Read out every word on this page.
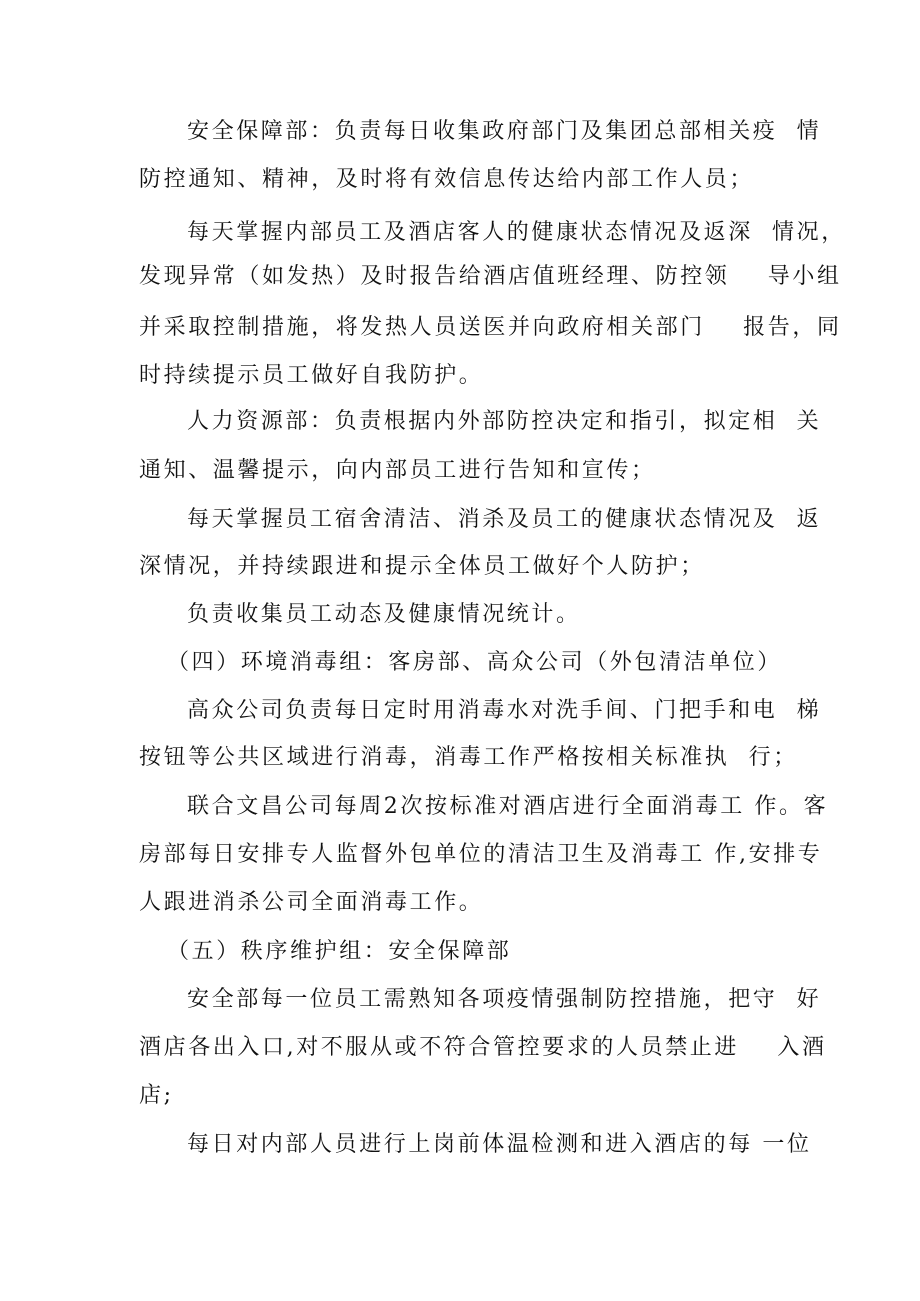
安全保障部：负责每日收集政府部门及集团总部相关疫  情
防控通知、精神，及时将有效信息传达给内部工作人员；
每天掌握内部员工及酒店客人的健康状态情况及返深  情况，
发现异常（如发热）及时报告给酒店值班经理、防控领    导小组
并采取控制措施，将发热人员送医并向政府相关部门    报告，同
时持续提示员工做好自我防护。
人力资源部：负责根据内外部防控决定和指引，拟定相  关
通知、温馨提示，向内部员工进行告知和宣传；
每天掌握员工宿舍清洁、消杀及员工的健康状态情况及  返
深情况，并持续跟进和提示全体员工做好个人防护；
负责收集员工动态及健康情况统计。
（四）环境消毒组：客房部、高众公司（外包清洁单位）
高众公司负责每日定时用消毒水对洗手间、门把手和电  梯
按钮等公共区域进行消毒，消毒工作严格按相关标准执  行；
联合文昌公司每周2次按标准对酒店进行全面消毒工 作。客
房部每日安排专人监督外包单位的清洁卫生及消毒工 作,安排专
人跟进消杀公司全面消毒工作。
（五）秩序维护组：安全保障部
安全部每一位员工需熟知各项疫情强制防控措施，把守  好
酒店各出入口,对不服从或不符合管控要求的人员禁止进    入酒
店;
每日对内部人员进行上岗前体温检测和进入酒店的每 一位
